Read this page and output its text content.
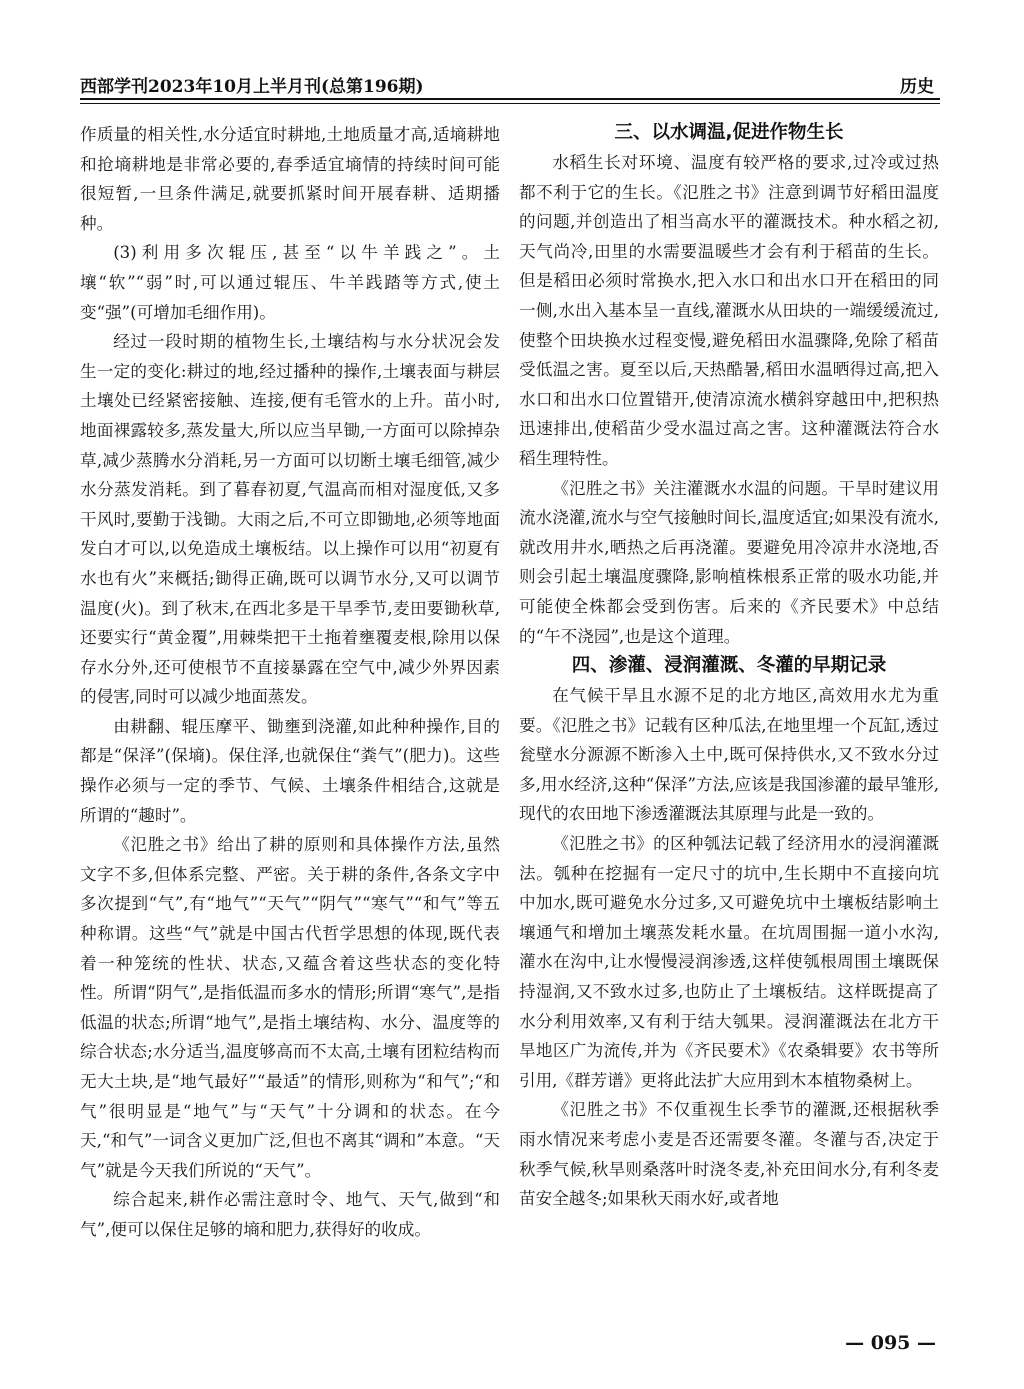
西部学刊2023年10月上半月刊(总第196期)	历史

作质量的相关性,水分适宜时耕地,土地质量才高,适墒耕地和抢墒耕地是非常必要的,春季适宜墒情的持续时间可能很短暂,一旦条件满足,就要抓紧时间开展春耕、适期播种。

(3)利用多次辊压,甚至“以牛羊践之”。土壤“软”“弱”时,可以通过辊压、牛羊践踏等方式,使土变“强”(可增加毛细作用)。

经过一段时期的植物生长,土壤结构与水分状况会发生一定的变化:耕过的地,经过播种的操作,土壤表面与耕层土壤处已经紧密接触、连接,便有毛管水的上升。苗小时,地面裸露较多,蒸发量大,所以应当早锄,一方面可以除掉杂草,减少蒸腾水分消耗,另一方面可以切断土壤毛细管,减少水分蒸发消耗。到了暮春初夏,气温高而相对湿度低,又多干风时,要勤于浅锄。大雨之后,不可立即锄地,必须等地面发白才可以,以免造成土壤板结。以上操作可以用“初夏有水也有火”来概括;锄得正确,既可以调节水分,又可以调节温度(火)。到了秋末,在西北多是干旱季节,麦田要锄秋草,还要实行“黄金覆”,用棘柴把干土拖着壅覆麦根,除用以保存水分外,还可使根节不直接暴露在空气中,减少外界因素的侵害,同时可以减少地面蒸发。

由耕翻、辊压摩平、锄壅到浇灌,如此种种操作,目的都是“保泽”(保墒)。保住泽,也就保住“粪气”(肥力)。这些操作必须与一定的季节、气候、土壤条件相结合,这就是所谓的“趣时”。

《氾胜之书》给出了耕的原则和具体操作方法,虽然文字不多,但体系完整、严密。关于耕的条件,各条文字中多次提到“气”,有“地气”“天气”“阴气”“寒气”“和气”等五种称谓。这些“气”就是中国古代哲学思想的体现,既代表着一种笼统的性状、状态,又蕴含着这些状态的变化特性。所谓“阴气”,是指低温而多水的情形;所谓“寒气”,是指低温的状态;所谓“地气”,是指土壤结构、水分、温度等的综合状态;水分适当,温度够高而不太高,土壤有团粒结构而无大土块,是“地气最好”“最适”的情形,则称为“和气”;“和气”很明显是“地气”与“天气”十分调和的状态。在今天,“和气”一词含义更加广泛,但也不离其“调和”本意。“天气”就是今天我们所说的“天气”。

综合起来,耕作必需注意时令、地气、天气,做到“和气”,便可以保住足够的墒和肥力,获得好的收成。

三、以水调温,促进作物生长

水稻生长对环境、温度有较严格的要求,过冷或过热都不利于它的生长。《氾胜之书》注意到调节好稻田温度的问题,并创造出了相当高水平的灌溉技术。种水稻之初,天气尚冷,田里的水需要温暖些才会有利于稻苗的生长。但是稻田必须时常换水,把入水口和出水口开在稻田的同一侧,水出入基本呈一直线,灌溉水从田块的一端缓缓流过,使整个田块换水过程变慢,避免稻田水温骤降,免除了稻苗受低温之害。夏至以后,天热酷暑,稻田水温晒得过高,把入水口和出水口位置错开,使清凉流水横斜穿越田中,把积热迅速排出,使稻苗少受水温过高之害。这种灌溉法符合水稻生理特性。

《氾胜之书》关注灌溉水水温的问题。干旱时建议用流水浇灌,流水与空气接触时间长,温度适宜;如果没有流水,就改用井水,晒热之后再浇灌。要避免用冷凉井水浇地,否则会引起土壤温度骤降,影响植株根系正常的吸水功能,并可能使全株都会受到伤害。后来的《齐民要术》中总结的“午不浇园”,也是这个道理。

四、渗灌、浸润灌溉、冬灌的早期记录

在气候干旱且水源不足的北方地区,高效用水尤为重要。《氾胜之书》记载有区种瓜法,在地里埋一个瓦缸,透过瓮壁水分源源不断渗入土中,既可保持供水,又不致水分过多,用水经济,这种“保泽”方法,应该是我国渗灌的最早雏形,现代的农田地下渗透灌溉法其原理与此是一致的。

《氾胜之书》的区种瓠法记载了经济用水的浸润灌溉法。瓠种在挖掘有一定尺寸的坑中,生长期中不直接向坑中加水,既可避免水分过多,又可避免坑中土壤板结影响土壤通气和增加土壤蒸发耗水量。在坑周围掘一道小水沟,灌水在沟中,让水慢慢浸润渗透,这样使瓠根周围土壤既保持湿润,又不致水过多,也防止了土壤板结。这样既提高了水分利用效率,又有利于结大瓠果。浸润灌溉法在北方干旱地区广为流传,并为《齐民要术》《农桑辑要》农书等所引用,《群芳谱》更将此法扩大应用到木本植物桑树上。

《氾胜之书》不仅重视生长季节的灌溉,还根据秋季雨水情况来考虑小麦是否还需要冬灌。冬灌与否,决定于秋季气候,秋旱则桑落叶时浇冬麦,补充田间水分,有利冬麦苗安全越冬;如果秋天雨水好,或者地

— 095 —
